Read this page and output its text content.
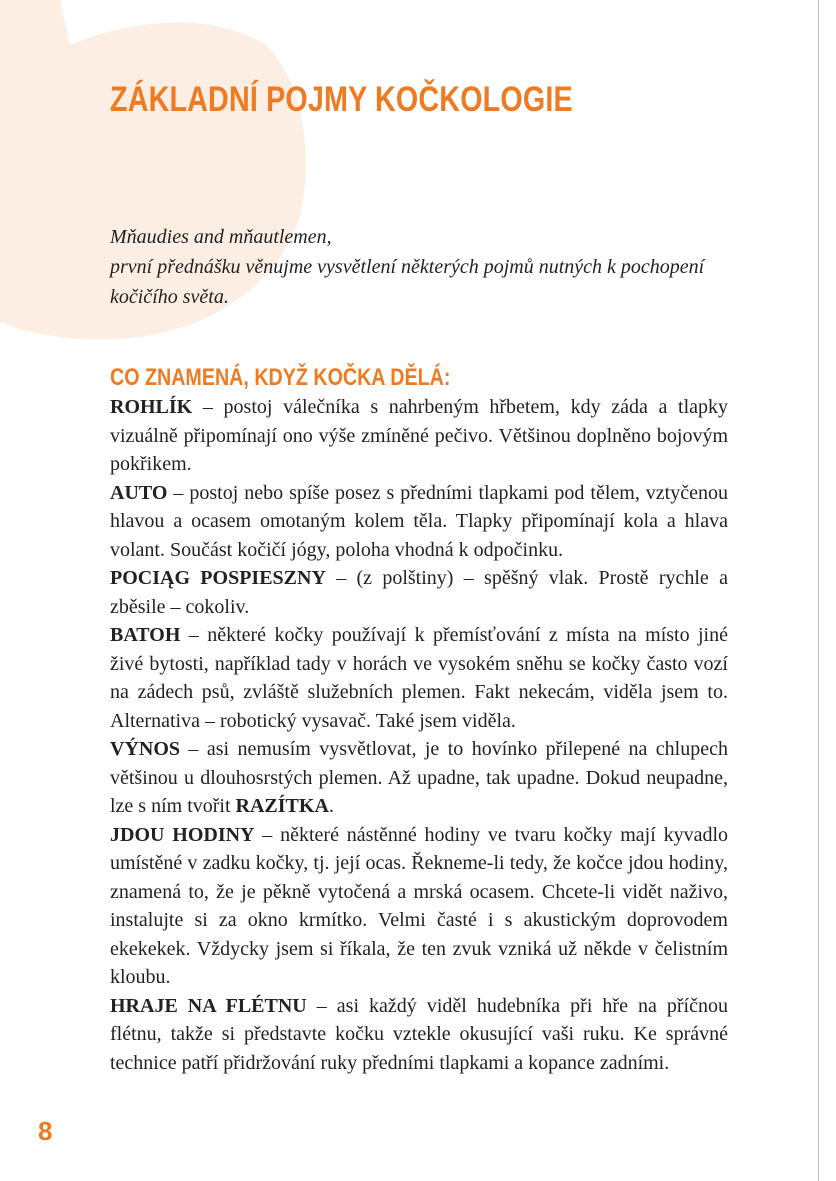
ZÁKLADNÍ POJMY KOČKOLOGIE

Mňaudies and mňautlemen,

první přednášku věnujme vysvětlení některých pojmů nutných k pochopení kočičího světa.

CO ZNAMENÁ, KDYŽ KOČKA DĚLÁ:

ROHLÍK – postoj válečníka s nahrbeným hřbetem, kdy záda a tlapky vizuálně připomínají ono výše zmíněné pečivo. Většinou doplněno bojovým pokřikem.

AUTO – postoj nebo spíše posez s předními tlapkami pod tělem, vztyčenou hlavou a ocasem omotaným kolem těla. Tlapky připomínají kola a hlava volant. Součást kočičí jógy, poloha vhodná k odpočinku.

POCIĄG POSPIESZNY – (z polštiny) – spěšný vlak. Prostě rychle a zběsile – cokoliv.

BATOH – některé kočky používají k přemísťování z místa na místo jiné živé bytosti, například tady v horách ve vysokém sněhu se kočky často vozí na zádech psů, zvláště služebních plemen. Fakt nekecám, viděla jsem to. Alternativa – robotický vysavač. Také jsem viděla.

VÝNOS – asi nemusím vysvětlovat, je to hovínko přilepené na chlupech většinou u dlouhosrstých plemen. Až upadne, tak upadne. Dokud neupadne, lze s ním tvořit RAZÍTKA.

JDOU HODINY – některé nástěnné hodiny ve tvaru kočky mají kyvadlo umístěné v zadku kočky, tj. její ocas. Řekneme-li tedy, že kočce jdou hodiny, znamená to, že je pěkně vytočená a mrská ocasem. Chcete-li vidět naživo, instalujte si za okno krmítko. Velmi časté i s akustickým doprovodem ekekekek. Vždycky jsem si říkala, že ten zvuk vzniká už někde v čelistním kloubu.

HRAJE NA FLÉTNU – asi každý viděl hudebníka při hře na příčnou flétnu, takže si představte kočku vztekle okusující vaši ruku. Ke správné technice patří přidržování ruky předními tlapkami a kopance zadními.

8
